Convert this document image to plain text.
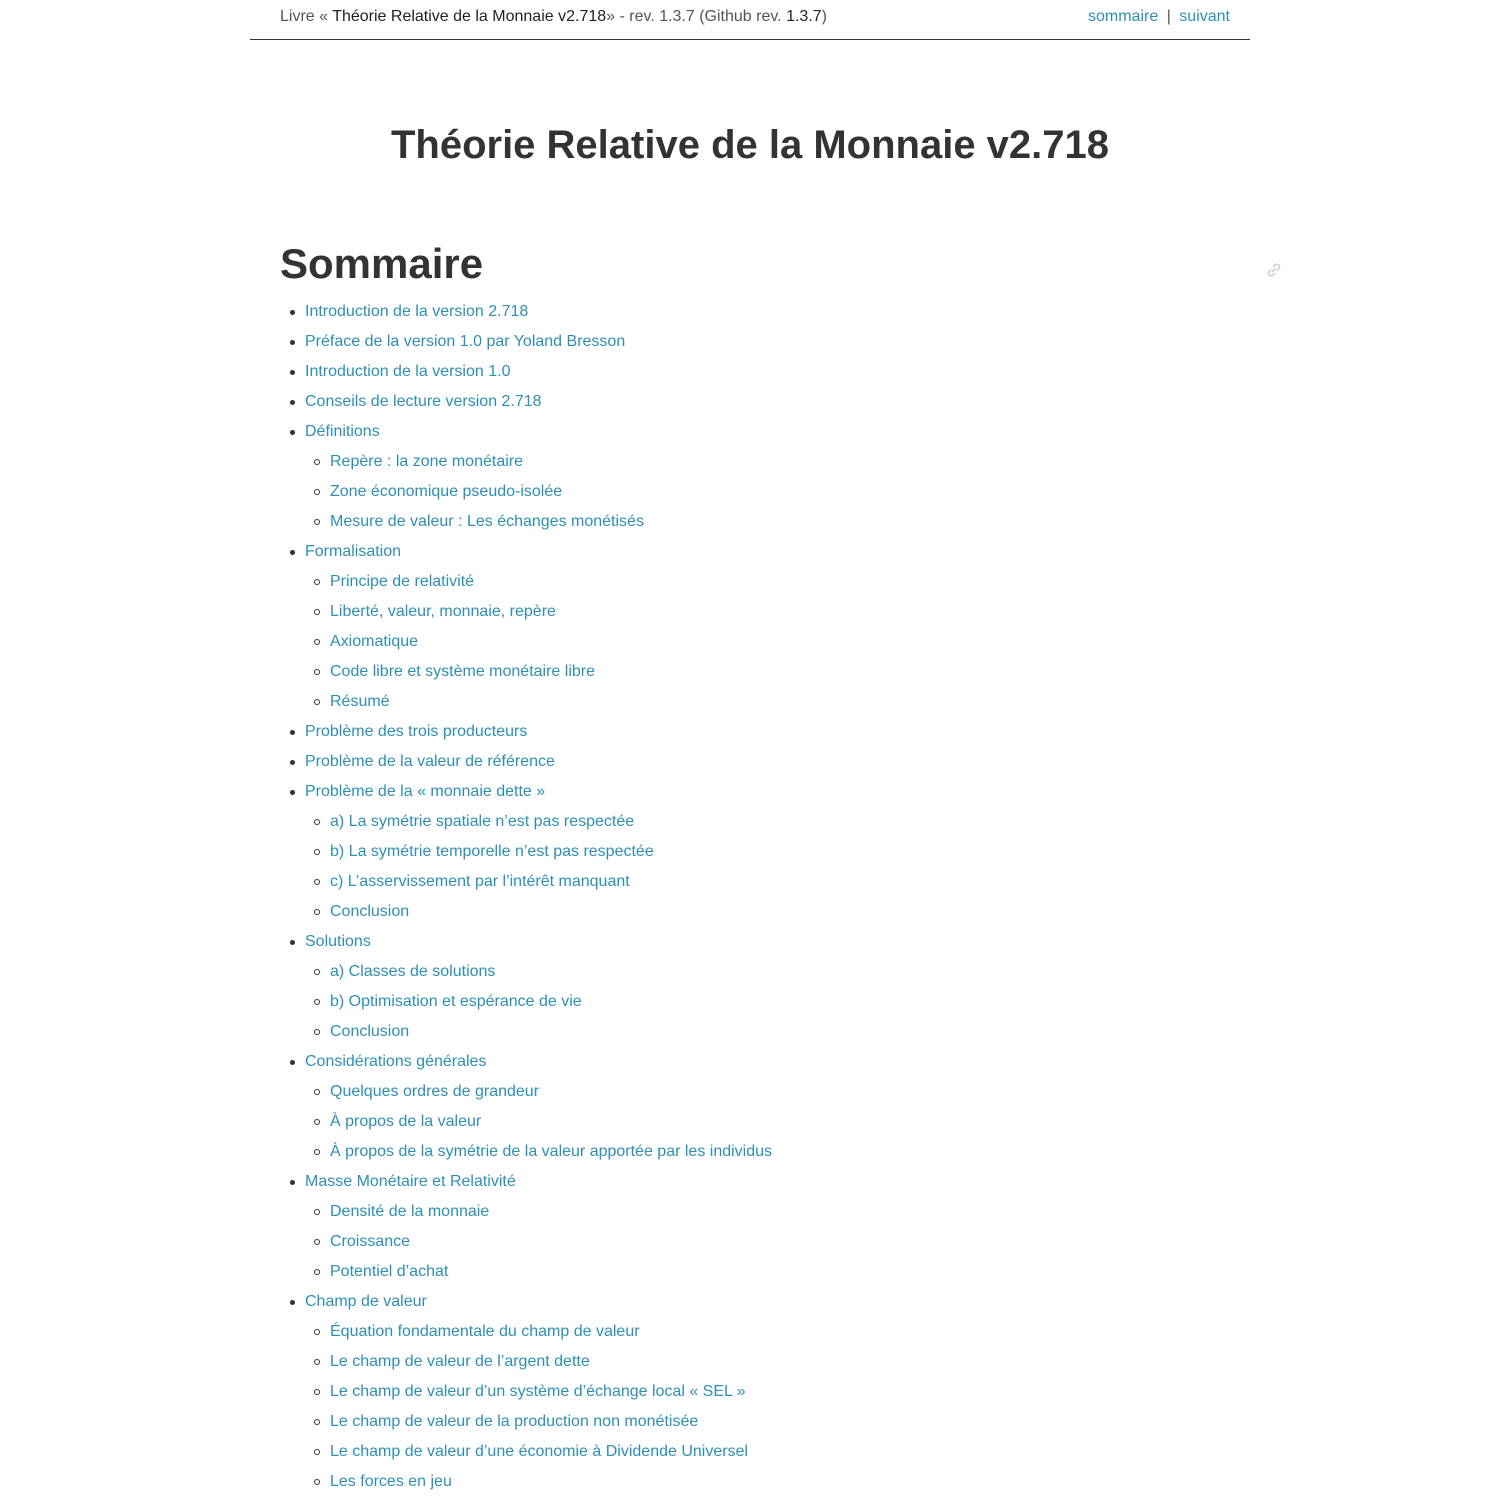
Livre « Théorie Relative de la Monnaie v2.718» - rev. 1.3.7 (Github rev. 1.3.7)	sommaire | suivant
Théorie Relative de la Monnaie v2.718
Sommaire
Introduction de la version 2.718
Préface de la version 1.0 par Yoland Bresson
Introduction de la version 1.0
Conseils de lecture version 2.718
Définitions
Repère : la zone monétaire
Zone économique pseudo-isolée
Mesure de valeur : Les échanges monétisés
Formalisation
Principe de relativité
Liberté, valeur, monnaie, repère
Axiomatique
Code libre et système monétaire libre
Résumé
Problème des trois producteurs
Problème de la valeur de référence
Problème de la « monnaie dette »
a) La symétrie spatiale n’est pas respectée
b) La symétrie temporelle n’est pas respectée
c) L’asservissement par l’intérêt manquant
Conclusion
Solutions
a) Classes de solutions
b) Optimisation et espérance de vie
Conclusion
Considérations générales
Quelques ordres de grandeur
À propos de la valeur
À propos de la symétrie de la valeur apportée par les individus
Masse Monétaire et Relativité
Densité de la monnaie
Croissance
Potentiel d’achat
Champ de valeur
Équation fondamentale du champ de valeur
Le champ de valeur de l’argent dette
Le champ de valeur d’un système d’échange local « SEL »
Le champ de valeur de la production non monétisée
Le champ de valeur d’une économie à Dividende Universel
Les forces en jeu
